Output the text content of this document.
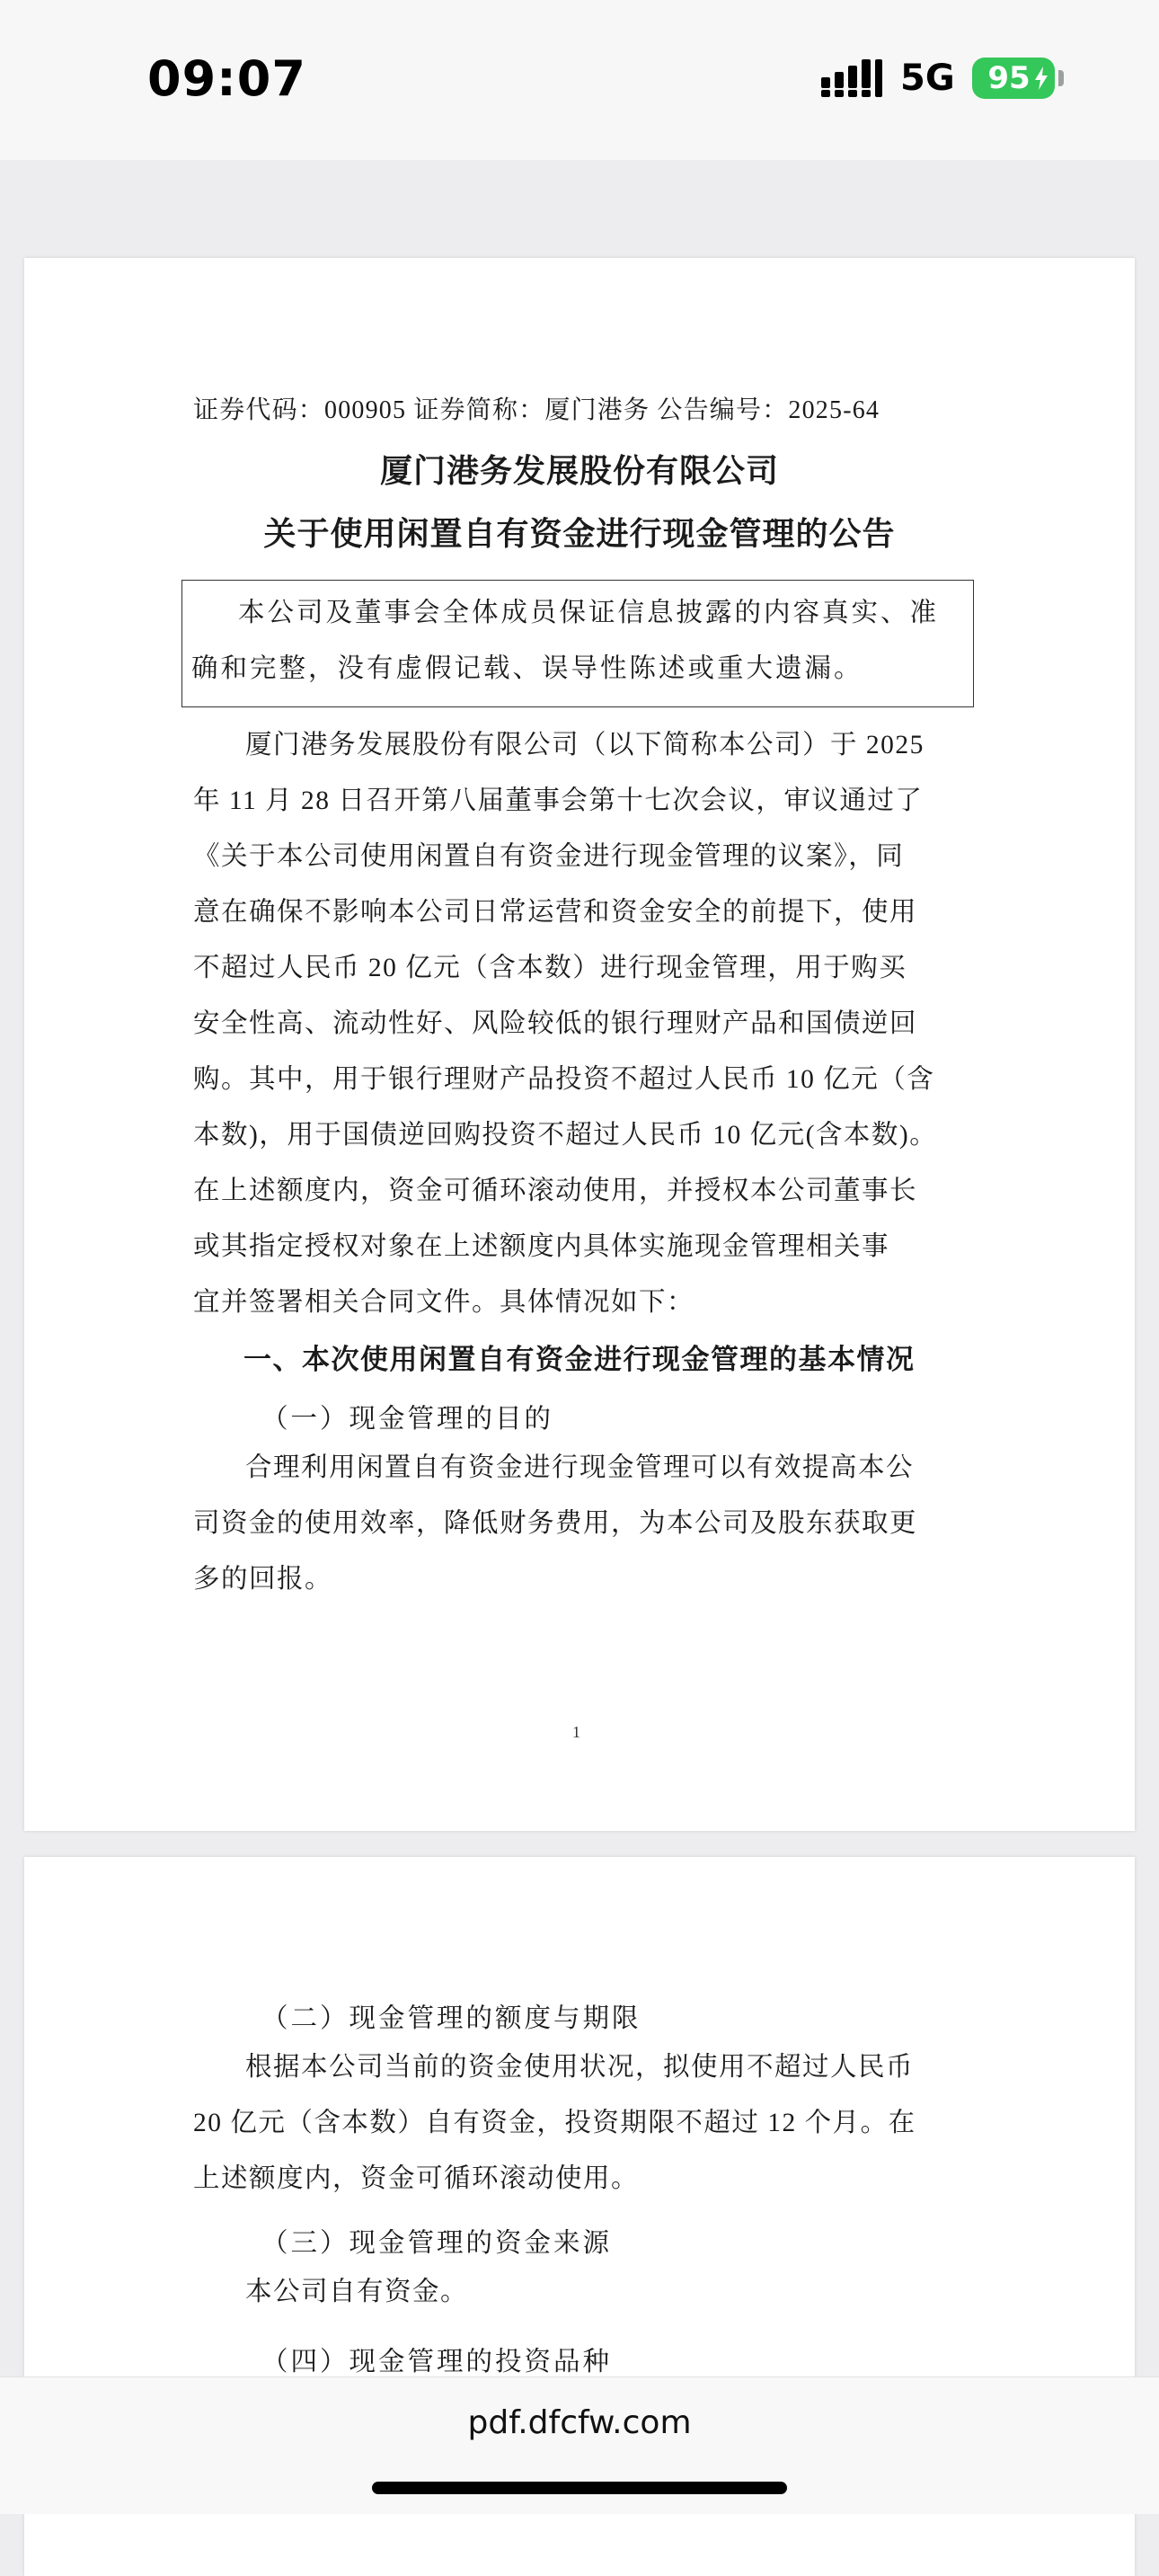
09:07	5G 95
证券代码：000905 证券简称：厦门港务 公告编号：2025-64
厦门港务发展股份有限公司
关于使用闲置自有资金进行现金管理的公告
本公司及董事会全体成员保证信息披露的内容真实、准
确和完整，没有虚假记载、误导性陈述或重大遗漏。
厦门港务发展股份有限公司（以下简称本公司）于 2025
年 11 月 28 日召开第八届董事会第十七次会议，审议通过了
《关于本公司使用闲置自有资金进行现金管理的议案》，同
意在确保不影响本公司日常运营和资金安全的前提下，使用
不超过人民币 20 亿元（含本数）进行现金管理，用于购买
安全性高、流动性好、风险较低的银行理财产品和国债逆回
购。其中，用于银行理财产品投资不超过人民币 10 亿元（含
本数)，用于国债逆回购投资不超过人民币 10 亿元(含本数)。
在上述额度内，资金可循环滚动使用，并授权本公司董事长
或其指定授权对象在上述额度内具体实施现金管理相关事
宜并签署相关合同文件。具体情况如下：
一、本次使用闲置自有资金进行现金管理的基本情况
（一）现金管理的目的
合理利用闲置自有资金进行现金管理可以有效提高本公
司资金的使用效率，降低财务费用，为本公司及股东获取更
多的回报。
1
（二）现金管理的额度与期限
根据本公司当前的资金使用状况，拟使用不超过人民币
20 亿元（含本数）自有资金，投资期限不超过 12 个月。在
上述额度内，资金可循环滚动使用。
（三）现金管理的资金来源
本公司自有资金。
（四）现金管理的投资品种
pdf.dfcfw.com
